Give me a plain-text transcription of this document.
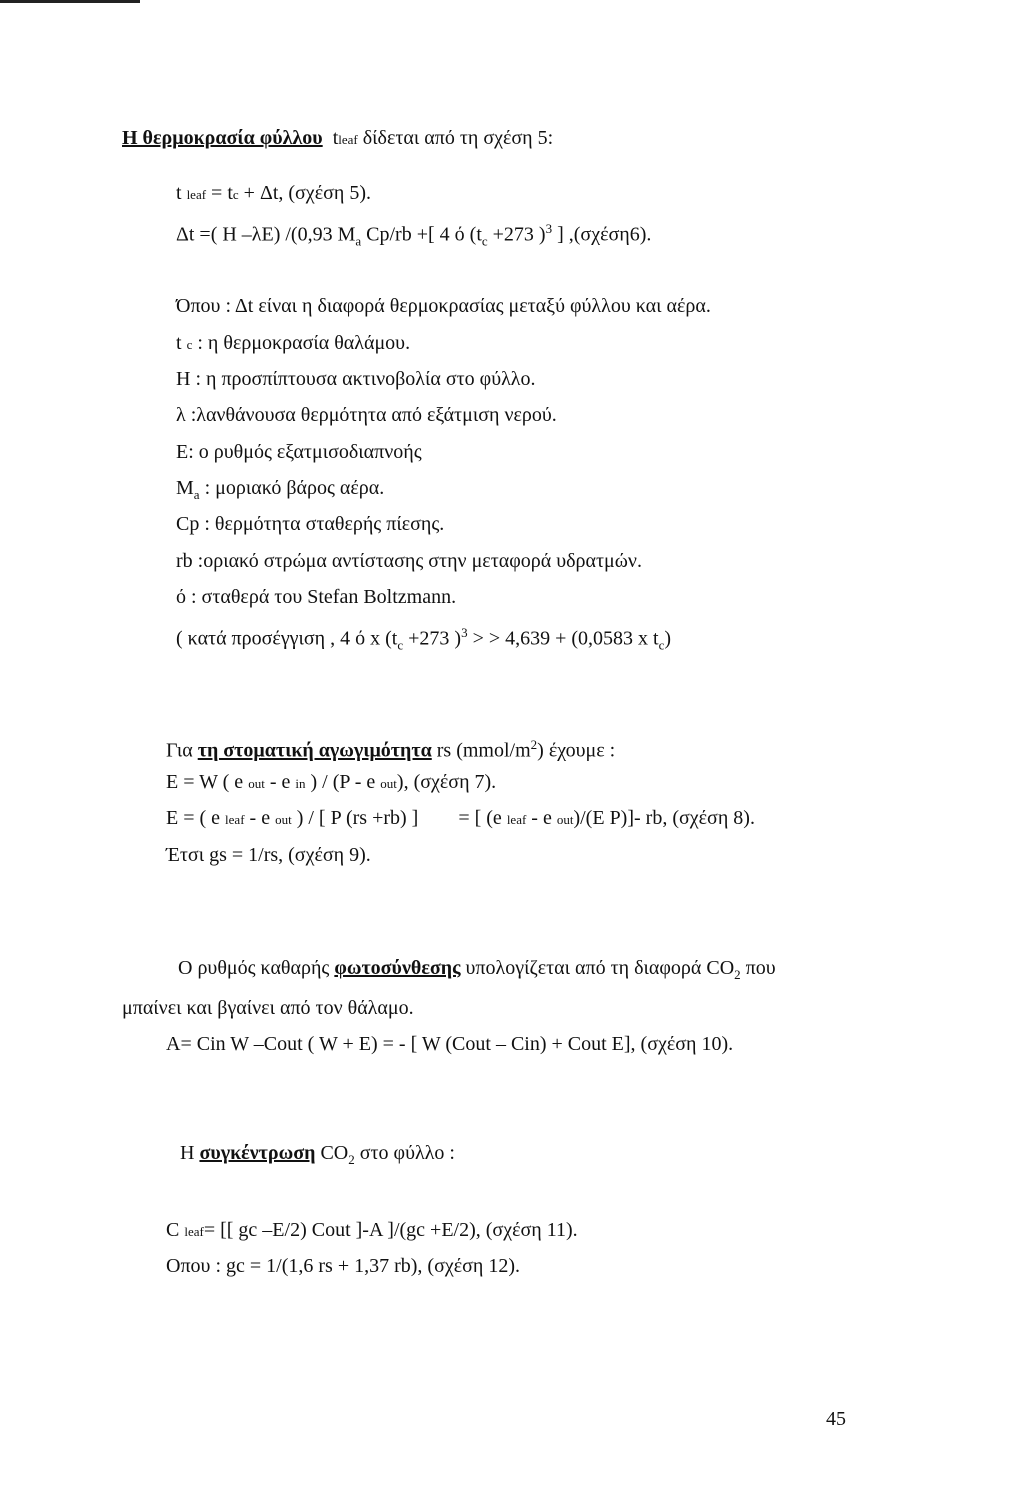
Η θερμοκρασία φύλλου tleaf δίδεται από τη σχέση 5:
t leaf = tc + Δt, (σχέση 5).
Δt =( H –λE) /(0,93 $M_a$ Cp/rb +[ 4 ό ($t_c +273$ )$^3$ ] ,(σχέση6).
Όπου : Δt είναι η διαφορά θερμοκρασίας μεταξύ φύλλου και αέρα.
t c : η θερμοκρασία θαλάμου.
H : η προσπίπτουσα ακτινοβολία στο φύλλο.
λ :λανθάνουσα θερμότητα από εξάτμιση νερού.
E: ο ρυθμός εξατμισοδιαπνοής
$M_a$ : μοριακό βάρος αέρα.
Cp : θερμότητα σταθερής πίεσης.
rb :οριακό στρώμα αντίστασης στην μεταφορά υδρατμών.
ό : σταθερά του Stefan Boltzmann.
( κατά προσέγγιση , 4 ό x ($t_c +273$ )$^3$ > > 4,639 + (0,0583 x $t_c$)
Για τη στοματική αγωγιμότητα rs $(mmol/m^2)$ έχουμε :
E = W ( e out - e in ) / (P - e out), (σχέση 7).
E = ( e leaf - e out ) / [ P (rs +rb) ] = [ (e leaf - e out)/(E P)]- rb, (σχέση 8).
Έτσι gs = 1/rs, (σχέση 9).
Ο ρυθμός καθαρής φωτοσύνθεσης υπολογίζεται από τη διαφορά $CO_2$ που
μπαίνει και βγαίνει από τον θάλαμο.
A= Cin W –Cout ( W + E) = - [ W (Cout – Cin) + Cout E], (σχέση 10).
Η συγκέντρωση $CO_2$ στο φύλλο :
C leaf= [[ gc –E/2) Cout ]-A ]/(gc +E/2), (σχέση 11).
Οπου : gc = 1/(1,6 rs + 1,37 rb), (σχέση 12).
45
